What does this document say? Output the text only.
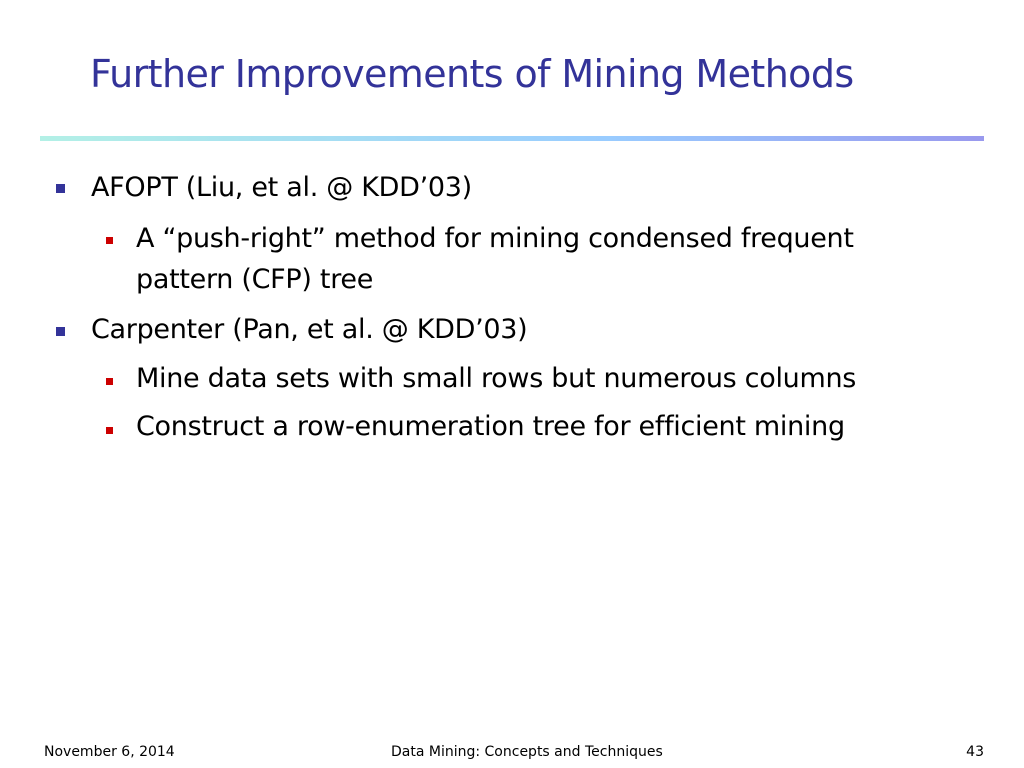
Further Improvements of Mining Methods
AFOPT (Liu, et al. @ KDD’03)
A “push-right” method for mining condensed frequent
pattern (CFP) tree
Carpenter (Pan, et al. @ KDD’03)
Mine data sets with small rows but numerous columns
Construct a row-enumeration tree for efficient mining
November 6, 2014	Data Mining: Concepts and Techniques	43
